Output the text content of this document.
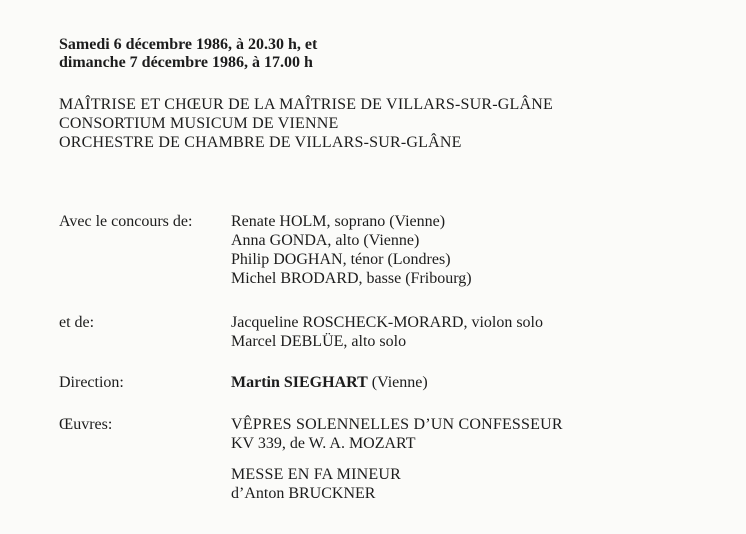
Samedi 6 décembre 1986, à 20.30 h, et
dimanche 7 décembre 1986, à 17.00 h
MAÎTRISE ET CHŒUR DE LA MAÎTRISE DE VILLARS-SUR-GLÂNE
CONSORTIUM MUSICUM DE VIENNE
ORCHESTRE DE CHAMBRE DE VILLARS-SUR-GLÂNE
Avec le concours de: Renate HOLM, soprano (Vienne)
Anna GONDA, alto (Vienne)
Philip DOGHAN, ténor (Londres)
Michel BRODARD, basse (Fribourg)
et de:	Jacqueline ROSCHECK-MORARD, violon solo
Marcel DEBLÜE, alto solo
Direction:	Martin SIEGHART (Vienne)
Œuvres:	VÊPRES SOLENNELLES D’UN CONFESSEUR
KV 339, de W. A. MOZART
MESSE EN FA MINEUR
d’Anton BRUCKNER
